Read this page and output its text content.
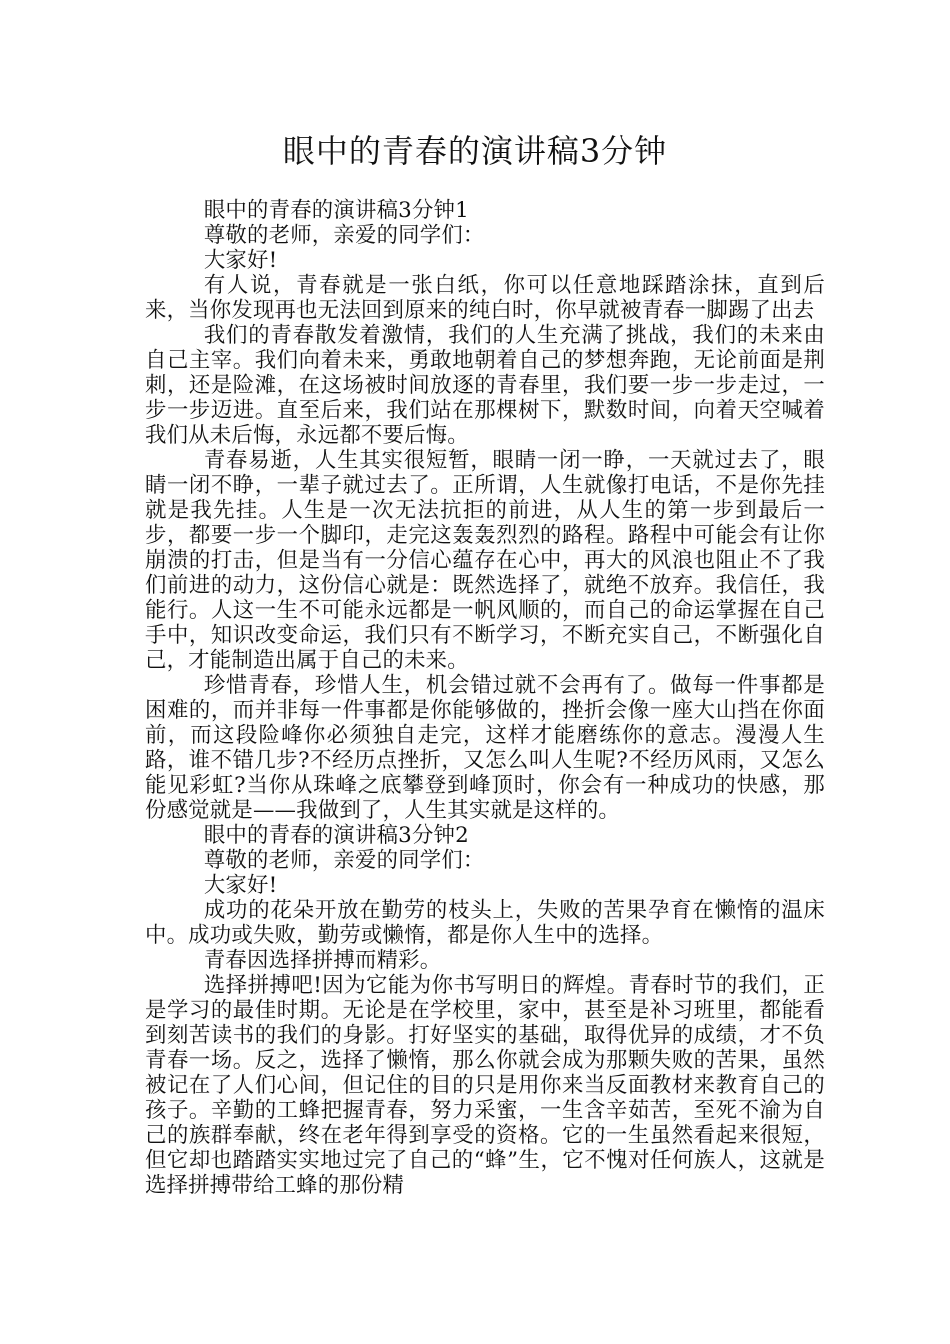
眼中的青春的演讲稿3分钟

眼中的青春的演讲稿3分钟1

尊敬的老师，亲爱的同学们：

大家好!

有人说，青春就是一张白纸，你可以任意地踩踏涂抹，直到后来，当你发现再也无法回到原来的纯白时，你早就被青春一脚踢了出去

我们的青春散发着激情，我们的人生充满了挑战，我们的未来由自己主宰。我们向着未来，勇敢地朝着自己的梦想奔跑，无论前面是荆刺，还是险滩，在这场被时间放逐的青春里，我们要一步一步走过，一步一步迈进。直至后来，我们站在那棵树下，默数时间，向着天空喊着我们从未后悔，永远都不要后悔。

青春易逝，人生其实很短暂，眼睛一闭一睁，一天就过去了，眼睛一闭不睁，一辈子就过去了。正所谓，人生就像打电话，不是你先挂就是我先挂。人生是一次无法抗拒的前进，从人生的第一步到最后一步，都要一步一个脚印，走完这轰轰烈烈的路程。路程中可能会有让你崩溃的打击，但是当有一分信心蕴存在心中，再大的风浪也阻止不了我们前进的动力，这份信心就是：既然选择了，就绝不放弃。我信任，我能行。人这一生不可能永远都是一帆风顺的，而自己的命运掌握在自己手中，知识改变命运，我们只有不断学习，不断充实自己，不断强化自己，才能制造出属于自己的未来。

珍惜青春，珍惜人生，机会错过就不会再有了。做每一件事都是困难的，而并非每一件事都是你能够做的，挫折会像一座大山挡在你面前，而这段险峰你必须独自走完，这样才能磨练你的意志。漫漫人生路，谁不错几步?不经历点挫折，又怎么叫人生呢?不经历风雨，又怎么能见彩虹?当你从珠峰之底攀登到峰顶时，你会有一种成功的快感，那份感觉就是——我做到了，人生其实就是这样的。

眼中的青春的演讲稿3分钟2

尊敬的老师，亲爱的同学们：

大家好!

成功的花朵开放在勤劳的枝头上，失败的苦果孕育在懒惰的温床中。成功或失败，勤劳或懒惰，都是你人生中的选择。

青春因选择拼搏而精彩。

选择拼搏吧!因为它能为你书写明日的辉煌。青春时节的我们，正是学习的最佳时期。无论是在学校里，家中，甚至是补习班里，都能看到刻苦读书的我们的身影。打好坚实的基础，取得优异的成绩，才不负青春一场。反之，选择了懒惰，那么你就会成为那颗失败的苦果，虽然被记在了人们心间，但记住的目的只是用你来当反面教材来教育自己的孩子。辛勤的工蜂把握青春，努力采蜜，一生含辛茹苦，至死不渝为自己的族群奉献，终在老年得到享受的资格。它的一生虽然看起来很短，但它却也踏踏实实地过完了自己的“蜂”生，它不愧对任何族人，这就是选择拼搏带给工蜂的那份精
